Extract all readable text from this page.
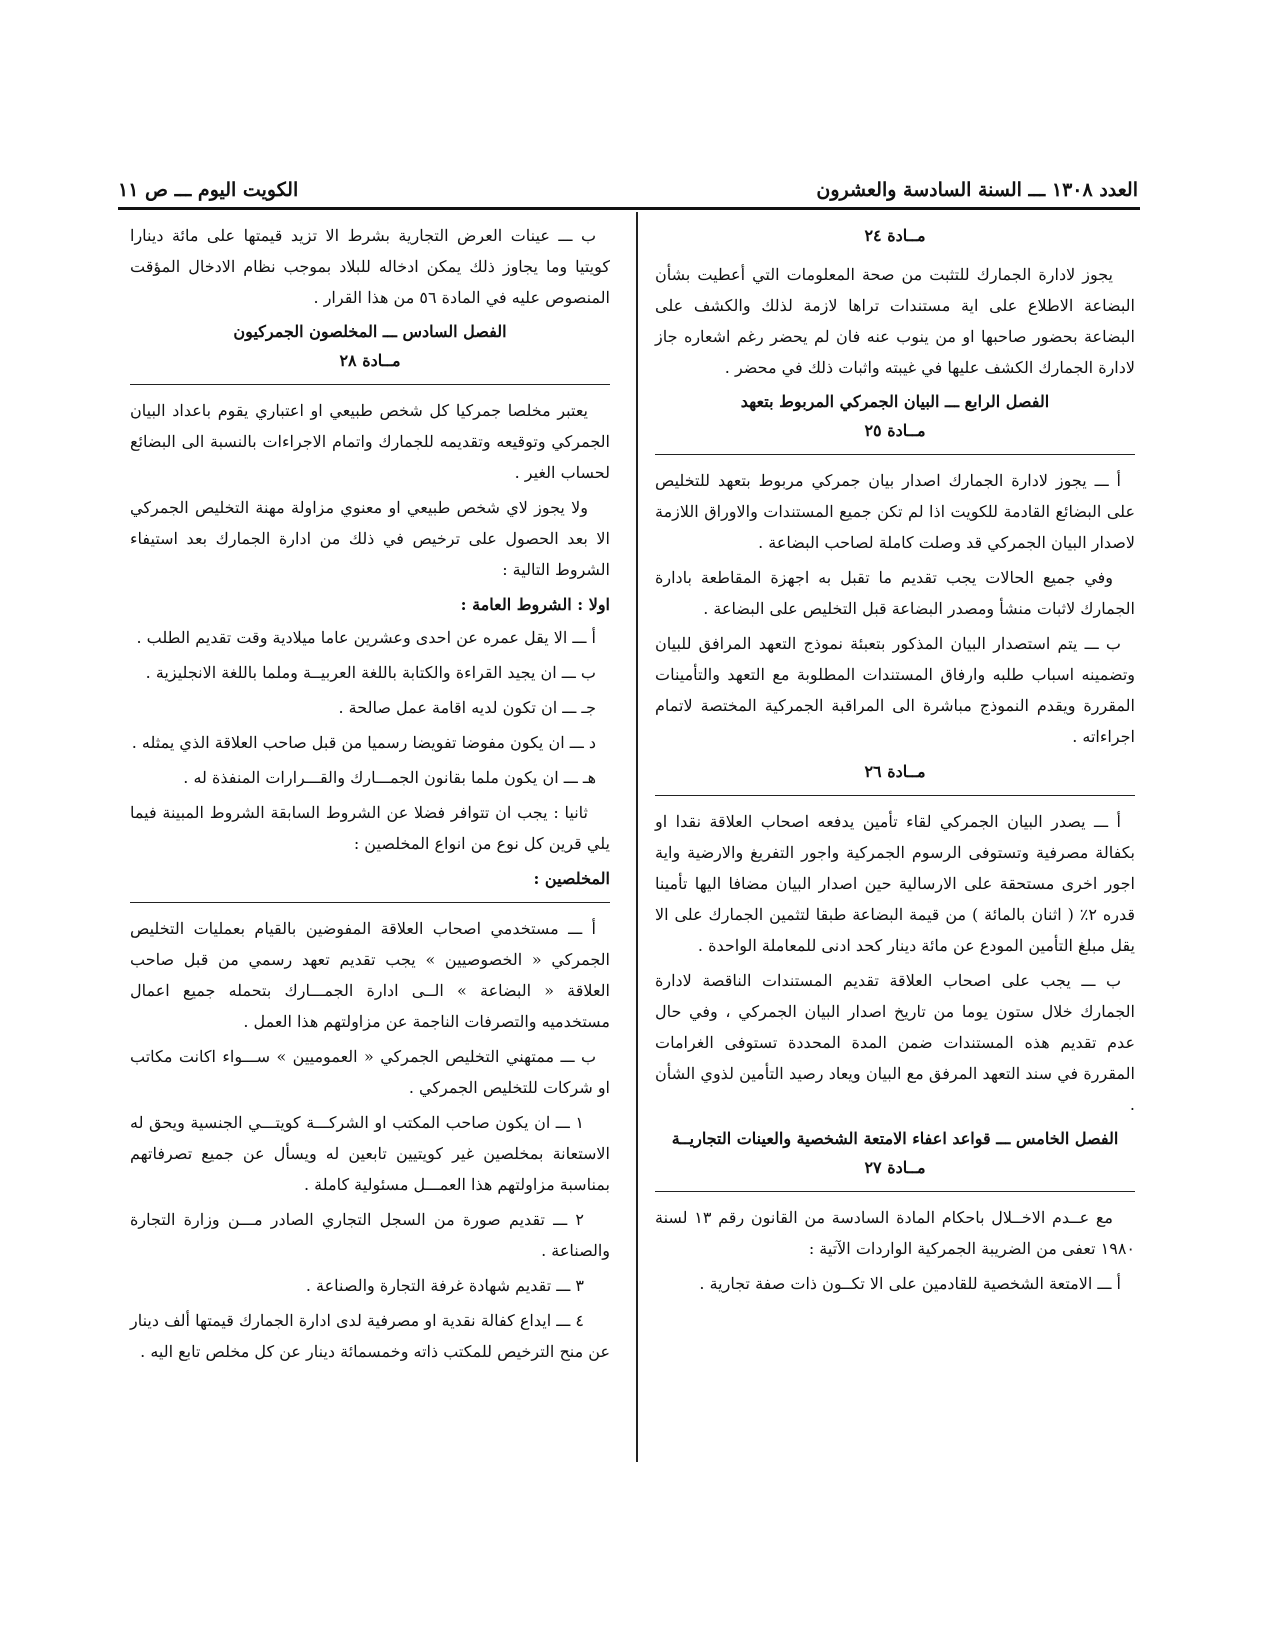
العدد ١٣٠٨ ـــ السنة السادسة والعشرون
الكويت اليوم ـــ ص ١١
مــادة ٢٤

يجوز لادارة الجمارك للتثبت من صحة المعلومات التي أعطيت بشأن البضاعة الاطلاع على اية مستندات تراها لازمة لذلك والكشف على البضاعة بحضور صاحبها او من ينوب عنه فان لم يحضر رغم اشعاره جاز لادارة الجمارك الكشف عليها في غيبته واثبات ذلك في محضر .

الفصل الرابع ـــ البيان الجمركي المربوط بتعهد
مــادة ٢٥

أ ـــ يجوز لادارة الجمارك اصدار بيان جمركي مربوط بتعهد للتخليص على البضائع القادمة للكويت اذا لم تكن جميع المستندات والاوراق اللازمة لاصدار البيان الجمركي قد وصلت كاملة لصاحب البضاعة .

وفي جميع الحالات يجب تقديم ما تقبل به اجهزة المقاطعة بادارة الجمارك لاثبات منشأ ومصدر البضاعة قبل التخليص على البضاعة .

ب ـــ يتم استصدار البيان المذكور بتعبئة نموذج التعهد المرافق للبيان وتضمينه اسباب طلبه وارفاق المستندات المطلوبة مع التعهد والتأمينات المقررة ويقدم النموذج مباشرة الى المراقبة الجمركية المختصة لاتمام اجراءاته .

مــادة ٢٦

أ ـــ يصدر البيان الجمركي لقاء تأمين يدفعه اصحاب العلاقة نقدا او بكفالة مصرفية وتستوفى الرسوم الجمركية واجور التفريغ والارضية واية اجور اخرى مستحقة على الارسالية حين اصدار البيان مضافا اليها تأمينا قدره ٢٪ ( اثنان بالمائة ) من قيمة البضاعة طبقا لتثمين الجمارك على الا يقل مبلغ التأمين المودع عن مائة دينار كحد ادنى للمعاملة الواحدة .

ب ـــ يجب على اصحاب العلاقة تقديم المستندات الناقصة لادارة الجمارك خلال ستون يوما من تاريخ اصدار البيان الجمركي ، وفي حال عدم تقديم هذه المستندات ضمن المدة المحددة تستوفى الغرامات المقررة في سند التعهد المرفق مع البيان ويعاد رصيد التأمين لذوي الشأن .

الفصل الخامس ـــ قواعد اعفاء الامتعة الشخصية والعينات التجاريــة
مــادة ٢٧

مع عــدم الاخــلال باحكام المادة السادسة من القانون رقم ١٣ لسنة ١٩٨٠ تعفى من الضريبة الجمركية الواردات الآتية :

أ ـــ الامتعة الشخصية للقادمين على الا تكــون ذات صفة تجارية .

ب ـــ عينات العرض التجارية بشرط الا تزيد قيمتها على مائة دينارا كويتيا وما يجاوز ذلك يمكن ادخاله للبلاد بموجب نظام الادخال المؤقت المنصوص عليه في المادة ٥٦ من هذا القرار .

الفصل السادس ـــ المخلصون الجمركيون
مــادة ٢٨

يعتبر مخلصا جمركيا كل شخص طبيعي او اعتباري يقوم باعداد البيان الجمركي وتوقيعه وتقديمه للجمارك واتمام الاجراءات بالنسبة الى البضائع لحساب الغير .

ولا يجوز لاي شخص طبيعي او معنوي مزاولة مهنة التخليص الجمركي الا بعد الحصول على ترخيص في ذلك من ادارة الجمارك بعد استيفاء الشروط التالية :

اولا : الشروط العامة :

أ ـــ الا يقل عمره عن احدى وعشرين عاما ميلادية وقت تقديم الطلب .

ب ـــ ان يجيد القراءة والكتابة باللغة العربيــة وملما باللغة الانجليزية .

جـ ـــ ان تكون لديه اقامة عمل صالحة .

د ـــ ان يكون مفوضا تفويضا رسميا من قبل صاحب العلاقة الذي يمثله .

هـ ـــ ان يكون ملما بقانون الجمـــارك والقـــرارات المنفذة له .

ثانيا : يجب ان تتوافر فضلا عن الشروط السابقة الشروط المبينة فيما يلي قرين كل نوع من انواع المخلصين :

المخلصين :

أ ـــ مستخدمي اصحاب العلاقة المفوضين بالقيام بعمليات التخليص الجمركي « الخصوصيين » يجب تقديم تعهد رسمي من قبل صاحب العلاقة « البضاعة » الــى ادارة الجمـــارك بتحمله جميع اعمال مستخدميه والتصرفات الناجمة عن مزاولتهم هذا العمل .

ب ـــ ممتهني التخليص الجمركي « العموميين » ســـواء اكانت مكاتب او شركات للتخليص الجمركي .

١ ـــ ان يكون صاحب المكتب او الشركـــة كويتـــي الجنسية ويحق له الاستعانة بمخلصين غير كويتيين تابعين له ويسأل عن جميع تصرفاتهم بمناسبة مزاولتهم هذا العمـــل مسئولية كاملة .

٢ ـــ تقديم صورة من السجل التجاري الصادر مـــن وزارة التجارة والصناعة .

٣ ـــ تقديم شهادة غرفة التجارة والصناعة .

٤ ـــ ايداع كفالة نقدية او مصرفية لدى ادارة الجمارك قيمتها ألف دينار عن منح الترخيص للمكتب ذاته وخمسمائة دينار عن كل مخلص تابع اليه .
